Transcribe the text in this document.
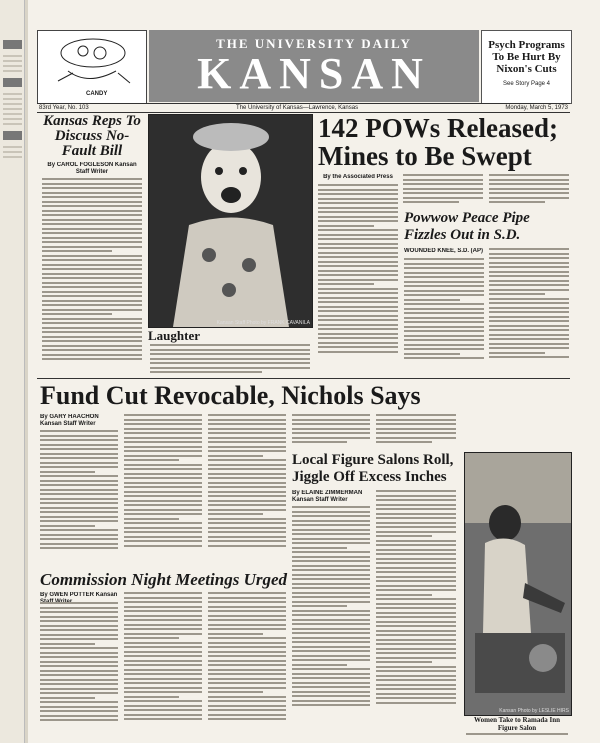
CANDY
THE UNIVERSITY DAILY
KANSAN
Psych Programs To Be Hurt By Nixon's Cuts
See Story Page 4
83rd Year, No. 103	The University of Kansas—Lawrence, Kansas	Monday, March 5, 1973
Kansas Reps To Discuss No-Fault Bill
By CAROL FOGLESON Kansan Staff Writer
Kansan Staff Photo by FRANK CAVANILA
Laughter
142 POWs Released; Mines to Be Swept
By the Associated Press
Powwow Peace Pipe Fizzles Out in S.D.
WOUNDED KNEE, S.D. (AP)
Fund Cut Revocable, Nichols Says
By GARY HAACHON Kansan Staff Writer
Local Figure Salons Roll, Jiggle Off Excess Inches
By ELAINE ZIMMERMAN Kansan Staff Writer
Kansan Photo by LESLIE HIRS
Women Take to Ramada Inn Figure Salon
Commission Night Meetings Urged
By GWEN POTTER Kansan
